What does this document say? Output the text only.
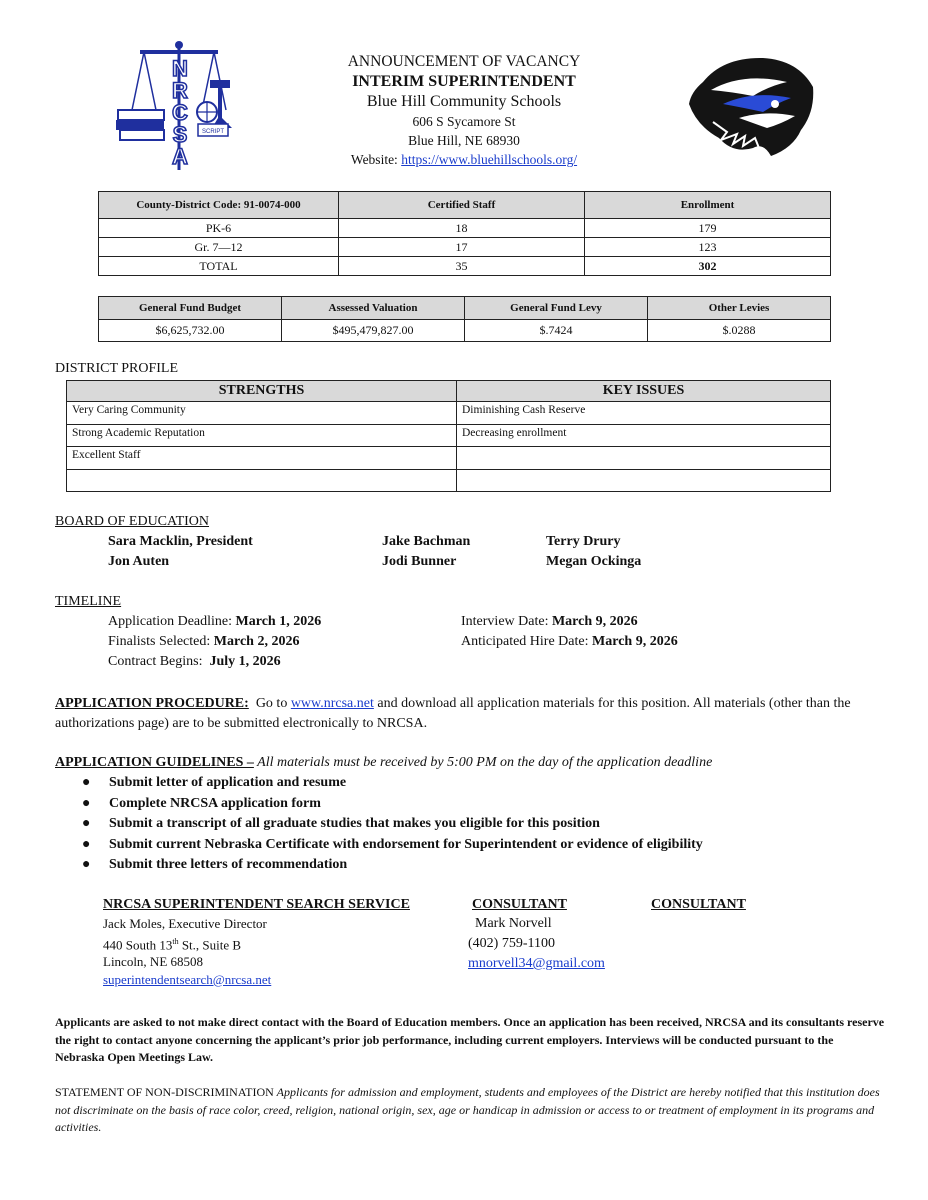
SCRIPT
NRCSA
ANNOUNCEMENT OF VACANCY
INTERIM SUPERINTENDENT
Blue Hill Community Schools
606 S Sycamore St
Blue Hill, NE 68930
Website: https://www.bluehillschools.org/
County-District Code: 91-0074-000	Certified Staff	Enrollment
PK-6	18	179
Gr. 7—12	17	123
TOTAL	35	302
General Fund Budget	Assessed Valuation	General Fund Levy	Other Levies
$6,625,732.00	$495,479,827.00	$.7424	$.0288
DISTRICT PROFILE
STRENGTHS	KEY ISSUES
Very Caring Community	Diminishing Cash Reserve
Strong Academic Reputation	Decreasing enrollment
Excellent Staff	

BOARD OF EDUCATION
Sara Macklin, President	Jake Bachman	Terry Drury
Jon Auten	Jodi Bunner	Megan Ockinga
TIMELINE
Application Deadline: March 1, 2026
Finalists Selected: March 2, 2026
Contract Begins:  July 1, 2026
Interview Date: March 9, 2026
Anticipated Hire Date: March 9, 2026
APPLICATION PROCEDURE:  Go to www.nrcsa.net and download all application materials for this position. All materials (other than the authorizations page) are to be submitted electronically to NRCSA.
APPLICATION GUIDELINES – All materials must be received by 5:00 PM on the day of the application deadline
●	Submit letter of application and resume
●	Complete NRCSA application form
●	Submit a transcript of all graduate studies that makes you eligible for this position
●	Submit current Nebraska Certificate with endorsement for Superintendent or evidence of eligibility
●	Submit three letters of recommendation
NRCSA SUPERINTENDENT SEARCH SERVICE
Jack Moles, Executive Director
440 South 13th St., Suite B
Lincoln, NE 68508
superintendentsearch@nrcsa.net
CONSULTANT
Mark Norvell
(402) 759-1100
mnorvell34@gmail.com
CONSULTANT
Applicants are asked to not make direct contact with the Board of Education members. Once an application has been received, NRCSA and its consultants reserve the right to contact anyone concerning the applicant’s prior job performance, including current employers. Interviews will be conducted pursuant to the Nebraska Open Meetings Law.
STATEMENT OF NON-DISCRIMINATION Applicants for admission and employment, students and employees of the District are hereby notified that this institution does not discriminate on the basis of race color, creed, religion, national origin, sex, age or handicap in admission or access to or treatment of employment in its programs and activities.
